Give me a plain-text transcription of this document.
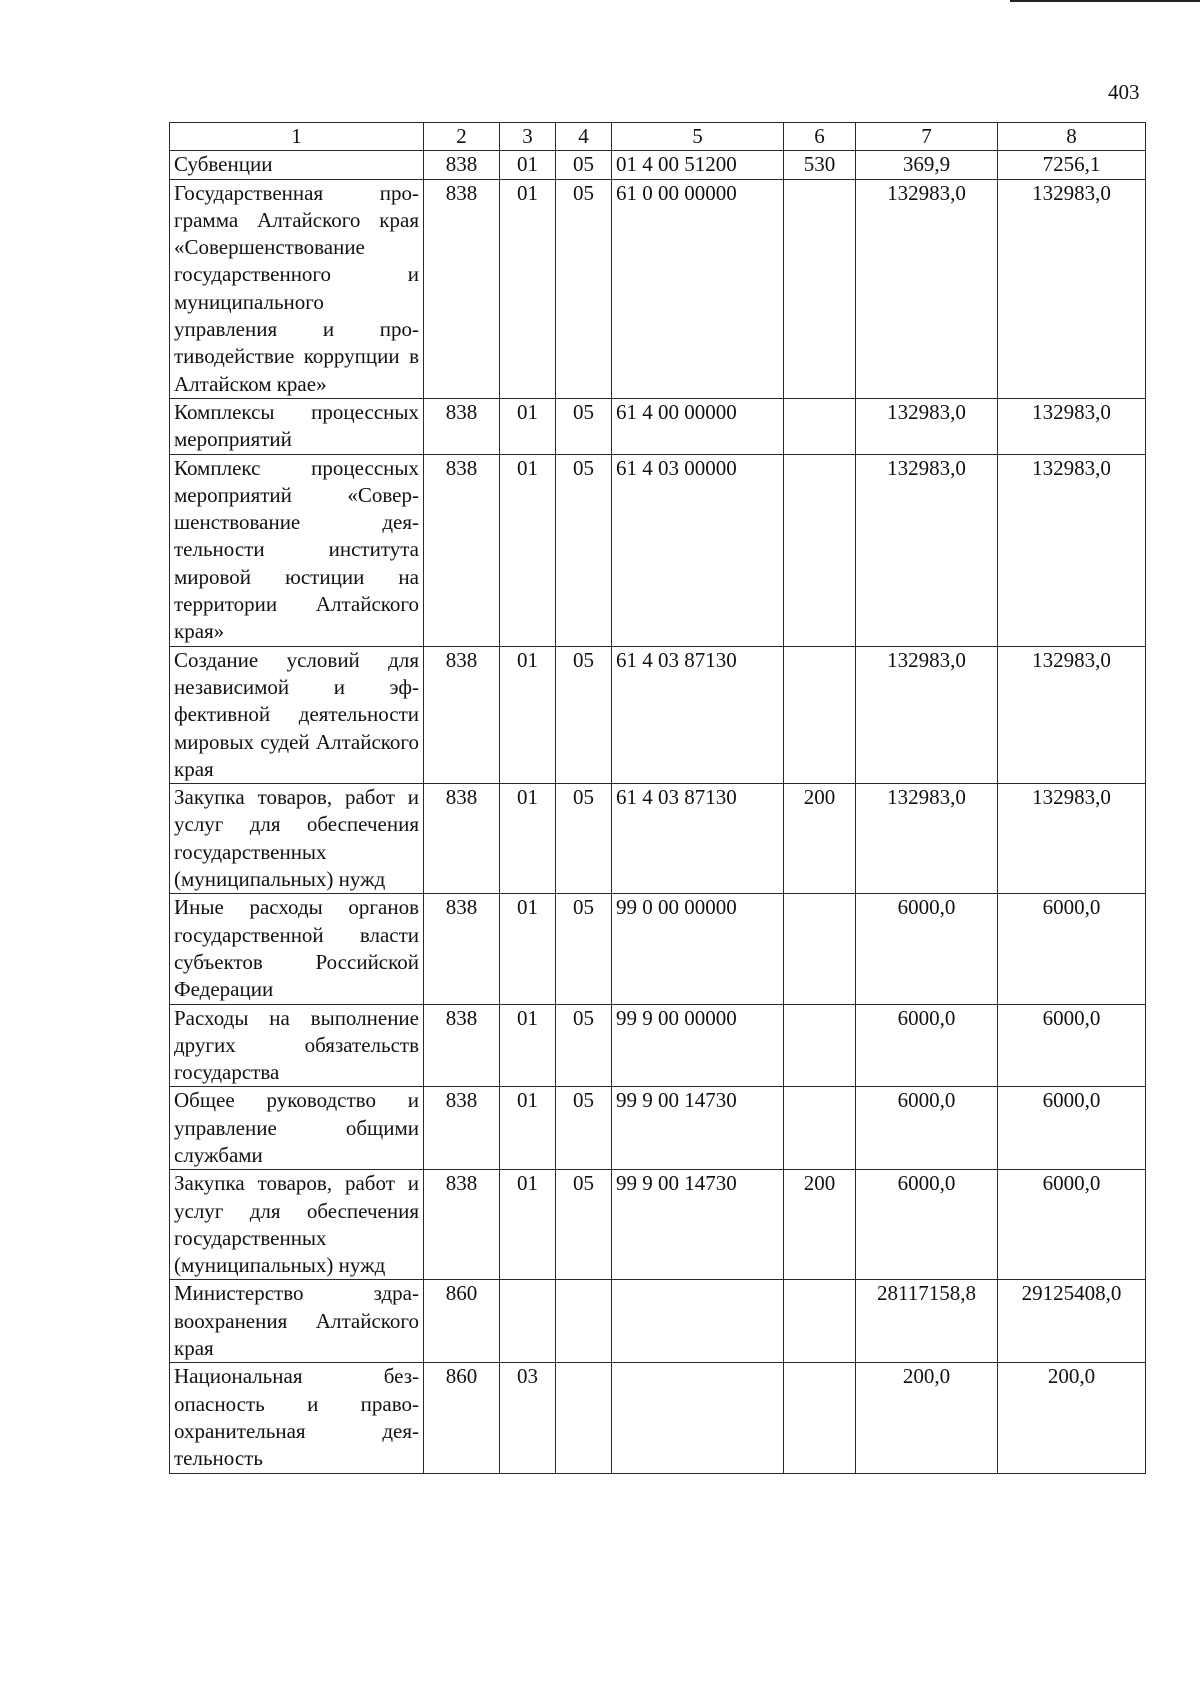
403
1	2	3	4	5	6	7	8
Субвенции	838	01	05	01 4 00 51200	530	369,9	7256,1
Государственная программа Алтайского края «Совершенствование государственного и муниципального управления и противодействие коррупции в Алтайском крае»	838	01	05	61 0 00 00000		132983,0	132983,0
Комплексы процессных мероприятий	838	01	05	61 4 00 00000		132983,0	132983,0
Комплекс процессных мероприятий «Совершенствование деятельности института мировой юстиции на территории Алтайского края»	838	01	05	61 4 03 00000		132983,0	132983,0
Создание условий для независимой и эффективной деятельности мировых судей Алтайского края	838	01	05	61 4 03 87130		132983,0	132983,0
Закупка товаров, работ и услуг для обеспечения государственных (муниципальных) нужд	838	01	05	61 4 03 87130	200	132983,0	132983,0
Иные расходы органов государственной власти субъектов Российской Федерации	838	01	05	99 0 00 00000		6000,0	6000,0
Расходы на выполнение других обязательств государства	838	01	05	99 9 00 00000		6000,0	6000,0
Общее руководство и управление общими службами	838	01	05	99 9 00 14730		6000,0	6000,0
Закупка товаров, работ и услуг для обеспечения государственных (муниципальных) нужд	838	01	05	99 9 00 14730	200	6000,0	6000,0
Министерство здравоохранения Алтайского края	860					28117158,8	29125408,0
Национальная безопасность и правоохранительная деятельность	860	03				200,0	200,0
